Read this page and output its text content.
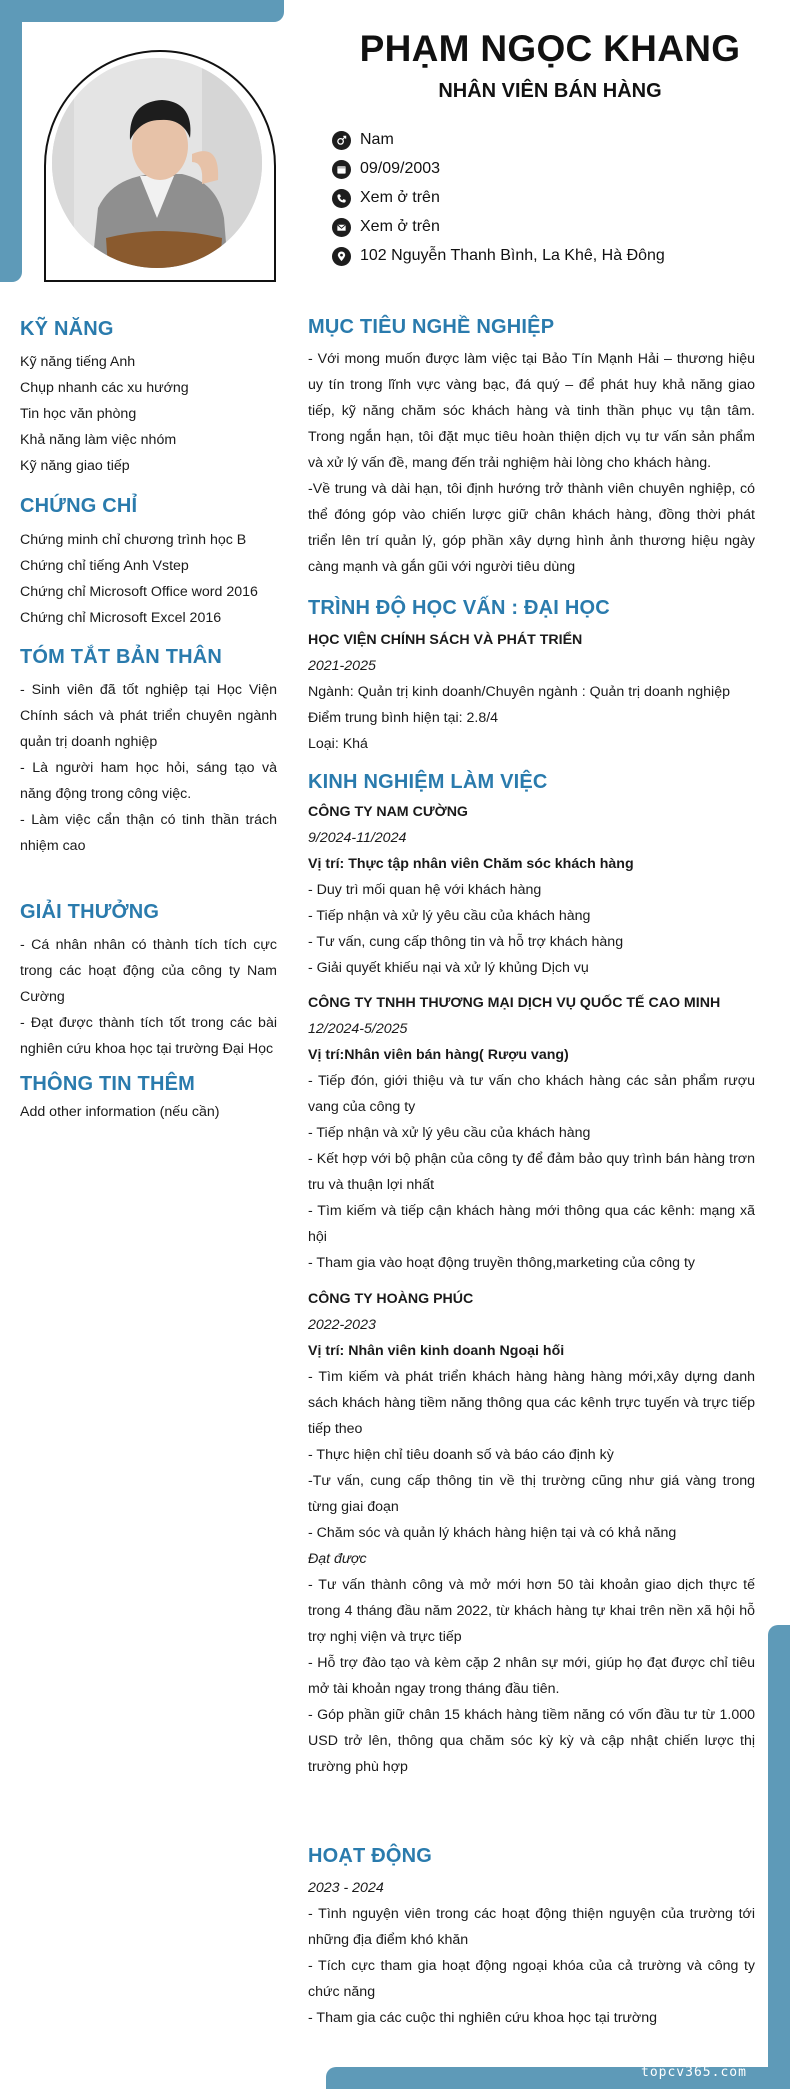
PHẠM NGỌC KHANG
NHÂN VIÊN BÁN HÀNG
Nam
09/09/2003
Xem ở trên
Xem ở trên
102 Nguyễn Thanh Bình, La Khê, Hà Đông
KỸ NĂNG
Kỹ năng tiếng Anh
Chụp nhanh các xu hướng
Tin học văn phòng
Khả năng làm việc nhóm
Kỹ năng giao tiếp
CHỨNG CHỈ
Chứng minh chỉ chương trình học B
Chứng chỉ tiếng Anh Vstep
Chứng chỉ Microsoft Office word 2016
Chứng chỉ Microsoft Excel 2016
TÓM TẮT BẢN THÂN

- Sinh viên đã tốt nghiệp tại Học Viện Chính sách và phát triển chuyên ngành quản trị doanh nghiệp

- Là người ham học hỏi, sáng tạo và năng động trong công việc.

- Làm việc cẩn thận có tinh thần trách nhiệm cao

GIẢI THƯỞNG

- Cá nhân nhân có thành tích tích cực trong các hoạt động của công ty Nam Cường

- Đạt được thành tích tốt trong các bài nghiên cứu khoa học tại trường Đại Học

THÔNG TIN THÊM
Add other information (nếu cần)
MỤC TIÊU NGHỀ NGHIỆP

- Với mong muốn được làm việc tại Bảo Tín Mạnh Hải – thương hiệu uy tín trong lĩnh vực vàng bạc, đá quý – để phát huy khả năng giao tiếp, kỹ năng chăm sóc khách hàng và tinh thần phục vụ tận tâm. Trong ngắn hạn, tôi đặt mục tiêu hoàn thiện dịch vụ tư vấn sản phẩm và xử lý vấn đề, mang đến trải nghiệm hài lòng cho khách hàng.

-Về trung và dài hạn, tôi định hướng trở thành viên chuyên nghiệp, có thể đóng góp vào chiến lược giữ chân khách hàng, đồng thời phát triển lên trí quản lý, góp phần xây dựng hình ảnh thương hiệu ngày càng mạnh và gắn gũi với người tiêu dùng

TRÌNH ĐỘ HỌC VẤN : ĐẠI HỌC
HỌC VIỆN CHÍNH SÁCH VÀ PHÁT TRIỂN
2021-2025
Ngành: Quản trị kinh doanh/Chuyên ngành : Quản trị doanh nghiệp
Điểm trung bình hiện tại: 2.8/4
Loại: Khá
KINH NGHIỆM LÀM VIỆC
CÔNG TY NAM CƯỜNG
9/2024-11/2024
Vị trí: Thực tập nhân viên Chăm sóc khách hàng
- Duy trì mối quan hệ với khách hàng
- Tiếp nhận và xử lý yêu cầu của khách hàng
- Tư vấn, cung cấp thông tin và hỗ trợ khách hàng
- Giải quyết khiếu nại và xử lý khủng Dịch vụ
CÔNG TY TNHH THƯƠNG MẠI DỊCH VỤ QUỐC TẾ CAO MINH
12/2024-5/2025
Vị trí:Nhân viên bán hàng( Rượu vang)

- Tiếp đón, giới thiệu và tư vấn cho khách hàng các sản phẩm rượu vang của công ty

- Tiếp nhận và xử lý yêu cầu của khách hàng

- Kết hợp với bộ phận của công ty để đảm bảo quy trình bán hàng trơn tru và thuận lợi nhất

- Tìm kiếm và tiếp cận khách hàng mới thông qua các kênh: mạng xã hội

- Tham gia vào hoạt động truyền thông,marketing của công ty

CÔNG TY HOÀNG PHÚC
2022-2023
Vị trí: Nhân viên kinh doanh Ngoại hối

- Tìm kiếm và phát triển khách hàng hàng hàng mới,xây dựng danh sách khách hàng tiềm năng thông qua các kênh trực tuyến và trực tiếp tiếp theo

- Thực hiện chỉ tiêu doanh số và báo cáo định kỳ

-Tư vấn, cung cấp thông tin về thị trường cũng như giá vàng trong từng giai đoạn

- Chăm sóc và quản lý khách hàng hiện tại và có khả năng

Đạt được

- Tư vấn thành công và mở mới hơn 50 tài khoản giao dịch thực tế trong 4 tháng đầu năm 2022, từ khách hàng tự khai trên nền xã hội hỗ trợ nghị viện và trực tiếp

- Hỗ trợ đào tạo và kèm cặp 2 nhân sự mới, giúp họ đạt được chỉ tiêu mở tài khoản ngay trong tháng đầu tiên.

- Góp phần giữ chân 15 khách hàng tiềm năng có vốn đầu tư từ 1.000 USD trở lên, thông qua chăm sóc kỳ kỳ và cập nhật chiến lược thị trường phù hợp

HOẠT ĐỘNG
2023 - 2024

- Tình nguyện viên trong các hoạt động thiện nguyện của trường tới những địa điểm khó khăn

- Tích cực tham gia hoạt động ngoại khóa của cả trường và công ty chức năng

- Tham gia các cuộc thi nghiên cứu khoa học tại trường

topcv365.com
